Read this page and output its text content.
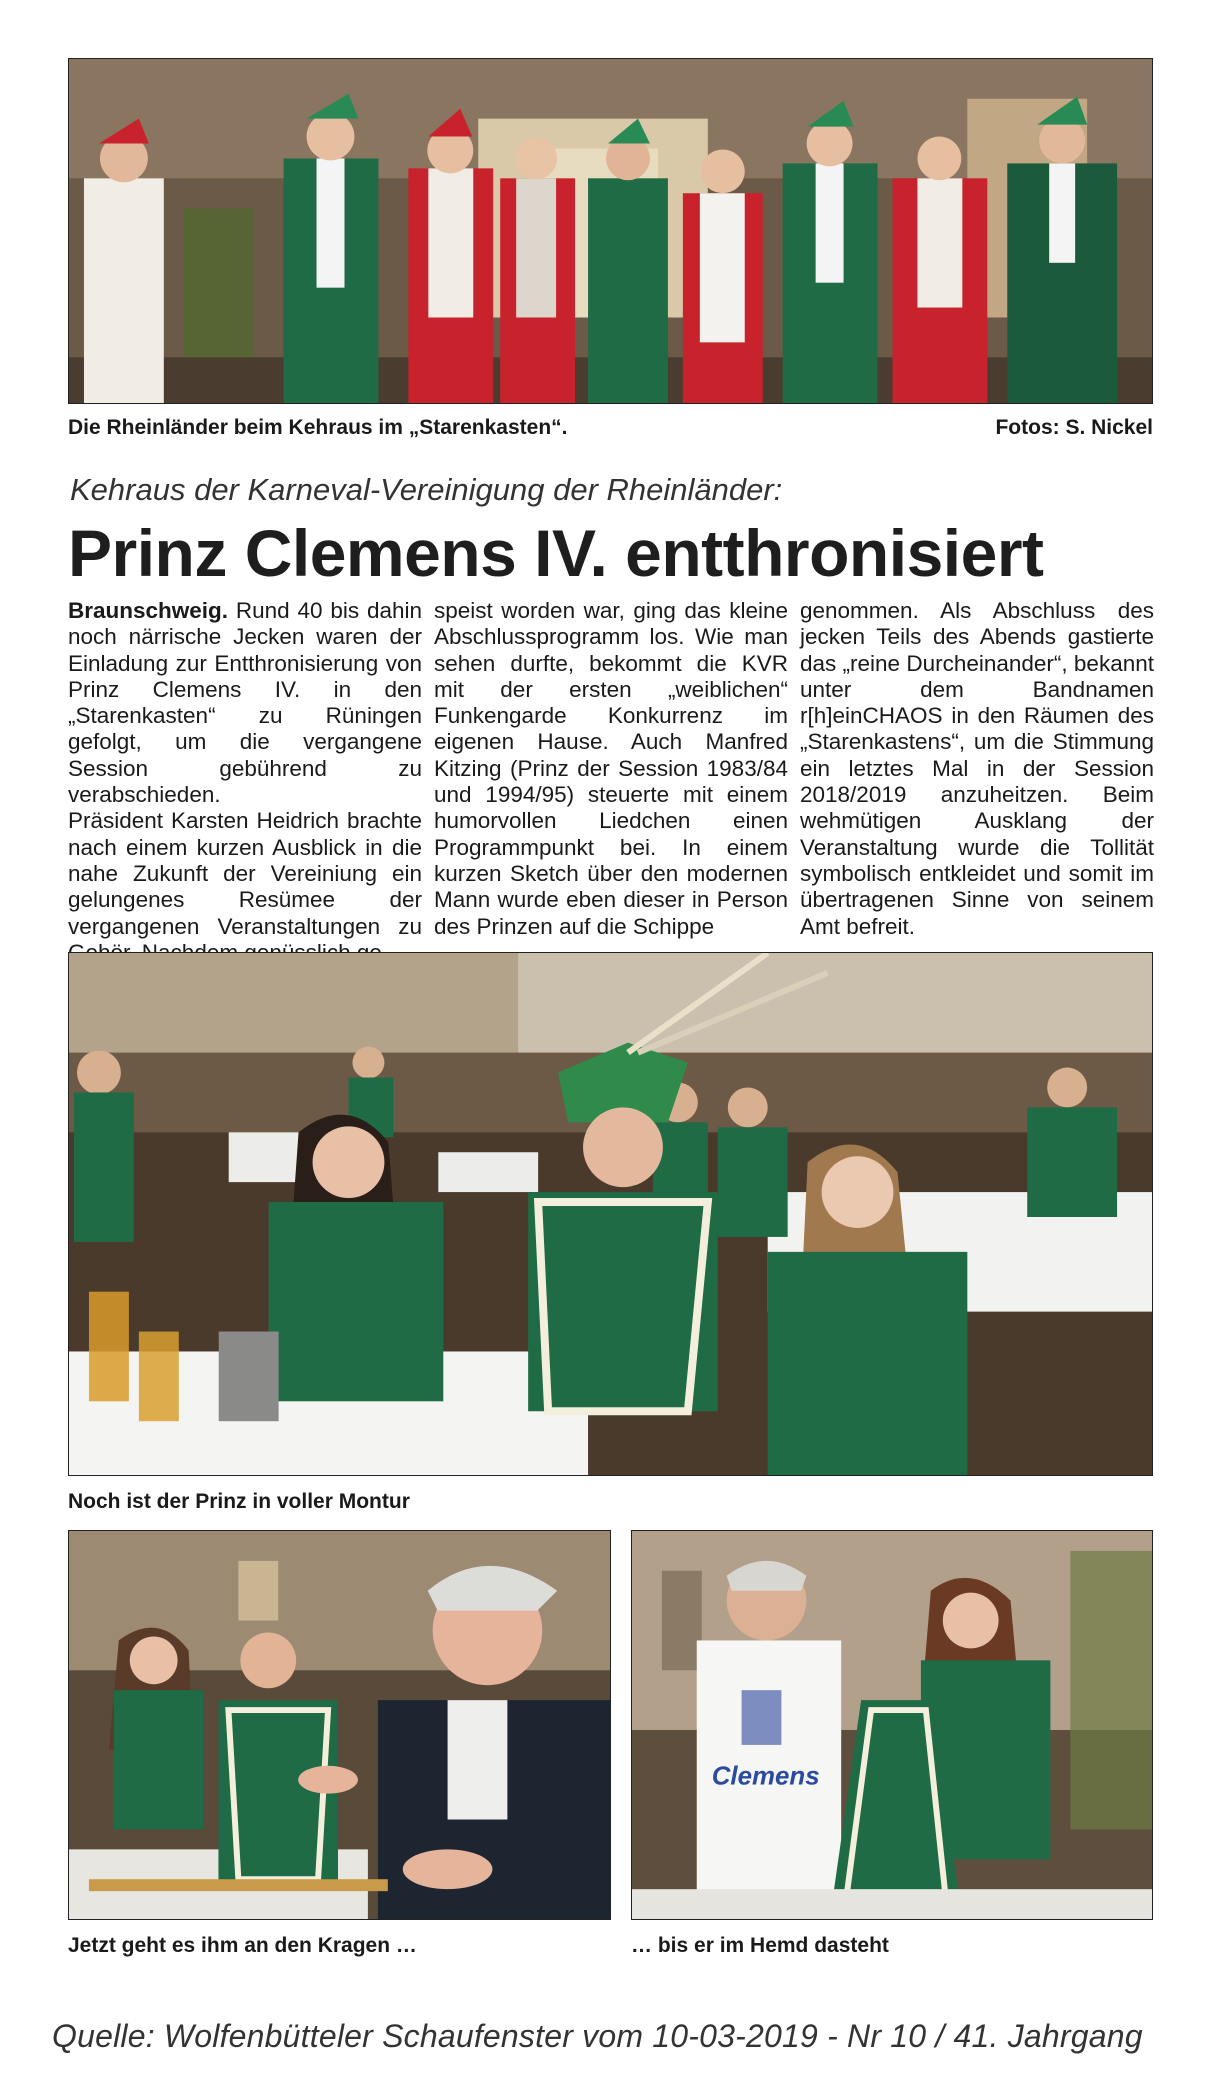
Die Rheinländer beim Kehraus im „Starenkasten“.	Fotos: S. Nickel
Kehraus der Karneval-Vereinigung der Rheinländer:
Prinz Clemens IV. entthronisiert

Braunschweig. Rund 40 bis dahin noch närrische Jecken waren der Einladung zur Entthronisierung von Prinz Clemens IV. in den „Starenkasten“ zu Rüningen gefolgt, um die vergangene Session gebührend zu verabschieden.

Präsident Karsten Heidrich brachte nach einem kurzen Ausblick in die nahe Zukunft der Vereiniung ein gelungenes Resümee der vergangenen Veranstaltungen zu

speist worden war, ging das kleine Abschlussprogramm los. Wie man sehen durfte, bekommt die KVR mit der ersten „weiblichen“ Funkengarde Konkurrenz im eigenen Hause. Auch Manfred Kitzing (Prinz der Session 1983/84 und 1994/95) steuerte mit einem humorvollen Liedchen einen Programmpunkt bei. In einem kurzen Sketch über den modernen Mann wurde eben dieser in Person des Prinzen auf die Schippe

genommen. Als Abschluss des jecken Teils des Abends gastierte das „reine Durcheinander“, bekannt unter dem Bandnamen r[h]einCHAOS in den Räumen des „Starenkastens“, um die Stimmung ein letztes Mal in der Session 2018/2019 anzuheitzen. Beim wehmütigen Ausklang der Veranstaltung wurde die Tollität symbolisch entkleidet und somit im übertragenen Sinne von seinem Amt befreit.

Noch ist der Prinz in voller Montur
Jetzt geht es ihm an den Kragen …
Clemens
… bis er im Hemd dasteht
Quelle: Wolfenbütteler Schaufenster vom 10-03-2019 - Nr 10 / 41. Jahrgang
